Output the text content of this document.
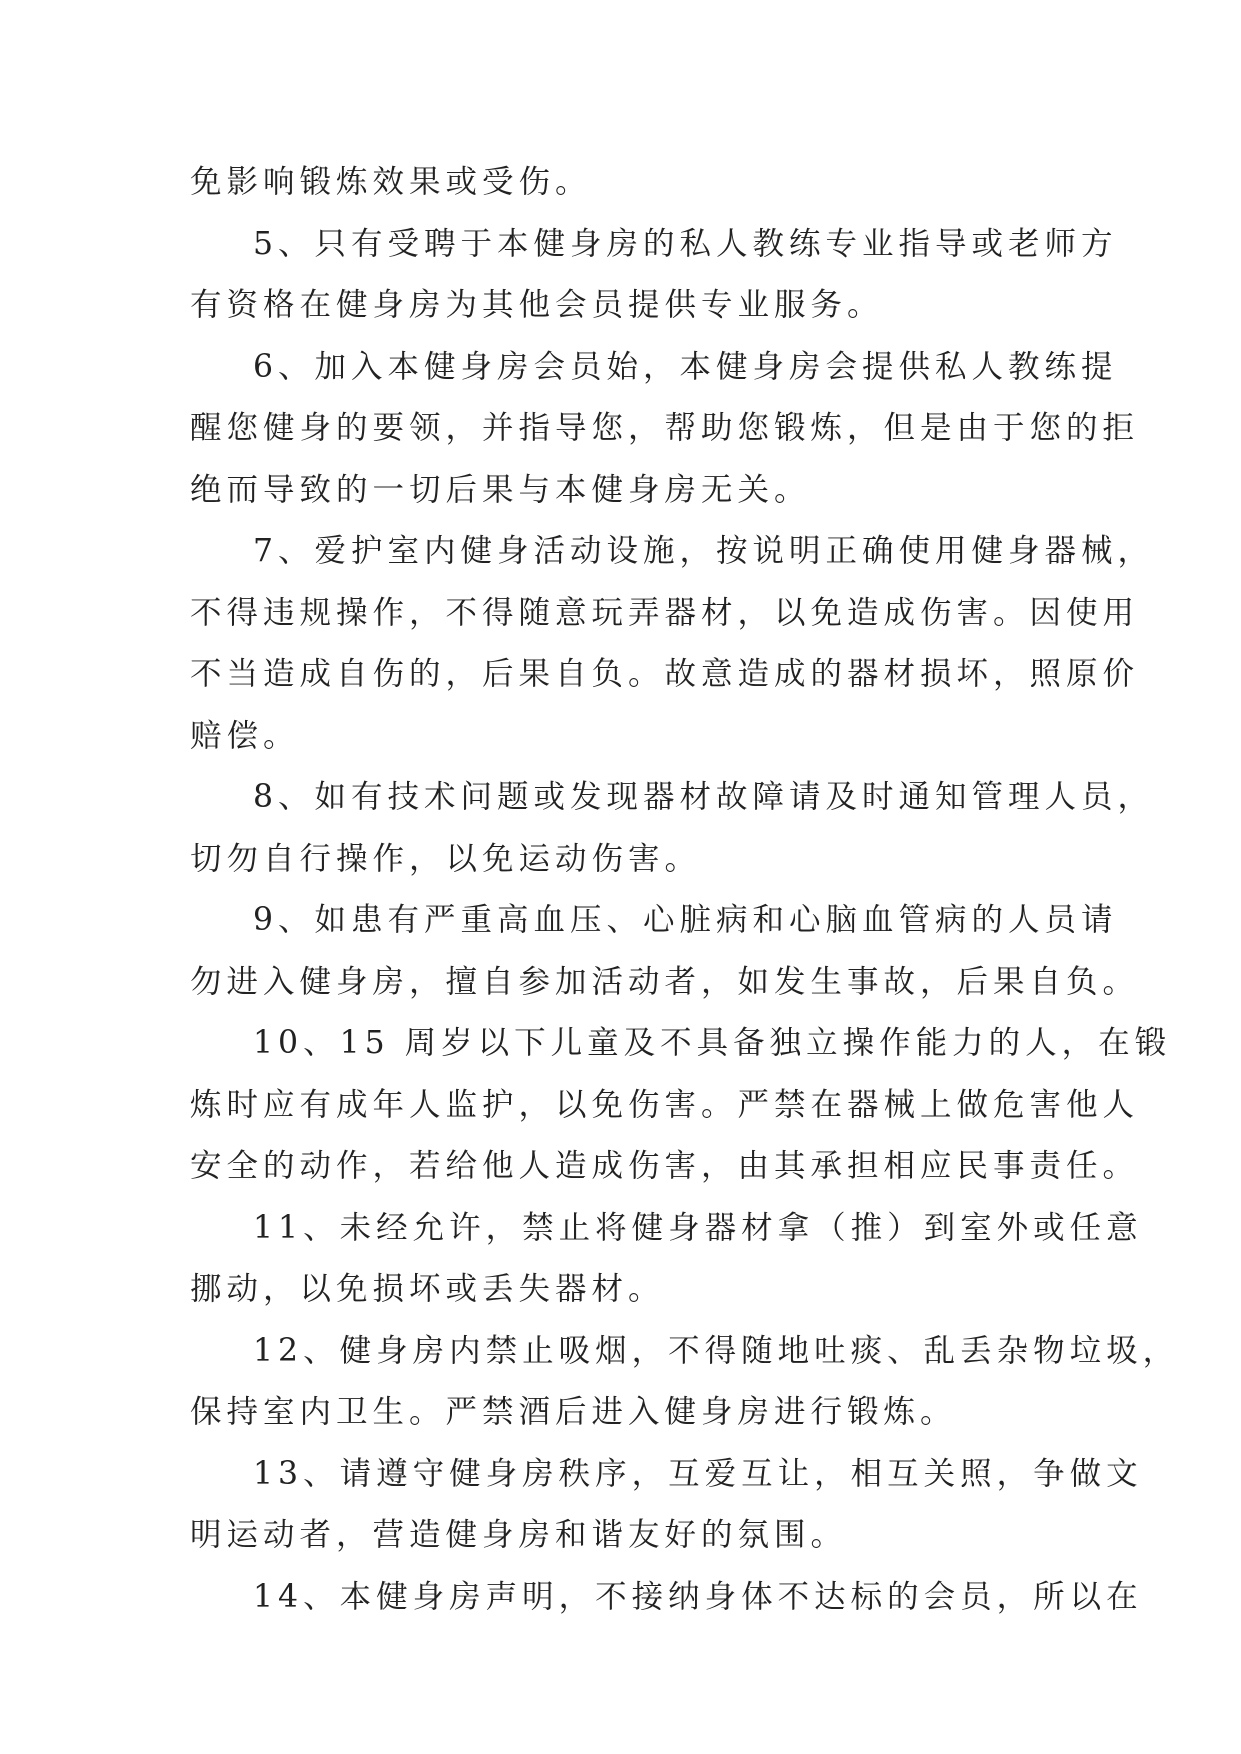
免影响锻炼效果或受伤。

5、只有受聘于本健身房的私人教练专业指导或老师方

有资格在健身房为其他会员提供专业服务。

6、加入本健身房会员始，本健身房会提供私人教练提

醒您健身的要领，并指导您，帮助您锻炼，但是由于您的拒

绝而导致的一切后果与本健身房无关。

7、爱护室内健身活动设施，按说明正确使用健身器械，

不得违规操作，不得随意玩弄器材，以免造成伤害。因使用

不当造成自伤的，后果自负。故意造成的器材损坏，照原价

赔偿。

8、如有技术问题或发现器材故障请及时通知管理人员，

切勿自行操作，以免运动伤害。

9、如患有严重高血压、心脏病和心脑血管病的人员请

勿进入健身房，擅自参加活动者，如发生事故，后果自负。

10、15 周岁以下儿童及不具备独立操作能力的人，在锻

炼时应有成年人监护，以免伤害。严禁在器械上做危害他人

安全的动作，若给他人造成伤害，由其承担相应民事责任。

11、未经允许，禁止将健身器材拿（推）到室外或任意

挪动，以免损坏或丢失器材。

12、健身房内禁止吸烟，不得随地吐痰、乱丢杂物垃圾，

保持室内卫生。严禁酒后进入健身房进行锻炼。

13、请遵守健身房秩序，互爱互让，相互关照，争做文

明运动者，营造健身房和谐友好的氛围。

14、本健身房声明，不接纳身体不达标的会员，所以在
